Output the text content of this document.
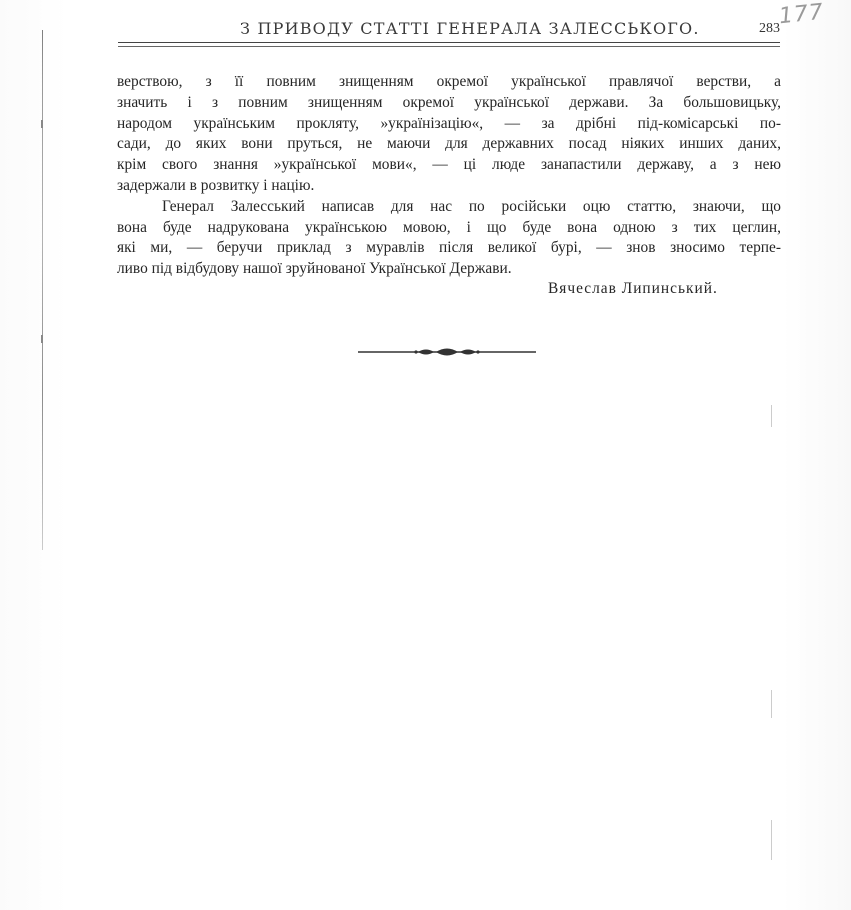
З ПРИВОДУ СТАТТІ ГЕНЕРАЛА ЗАЛЕССЬКОГО.	283
177
верствою, з її повним знищенням окремої української правлячої верстви, а
значить і з повним знищенням окремої української держави. За большовицьку,
народом українським прокляту, »українізацію«, — за дрібні під-комісарські по-
сади, до яких вони пруться, не маючи для державних посад ніяких инших даних,
крім свого знання »української мови«, — ці люде занапастили державу, а з нею
задержали в розвитку і націю.
Генерал Залесський написав для нас по російськи оцю статтю, знаючи, що
вона буде надрукована українською мовою, і що буде вона одною з тих цеглин,
які ми, — беручи приклад з муравлів після великої бурі, — знов зносимо терпе-
ливо під відбудову нашої зруйнованої Української Держави.
Вячеслав Липинський.
